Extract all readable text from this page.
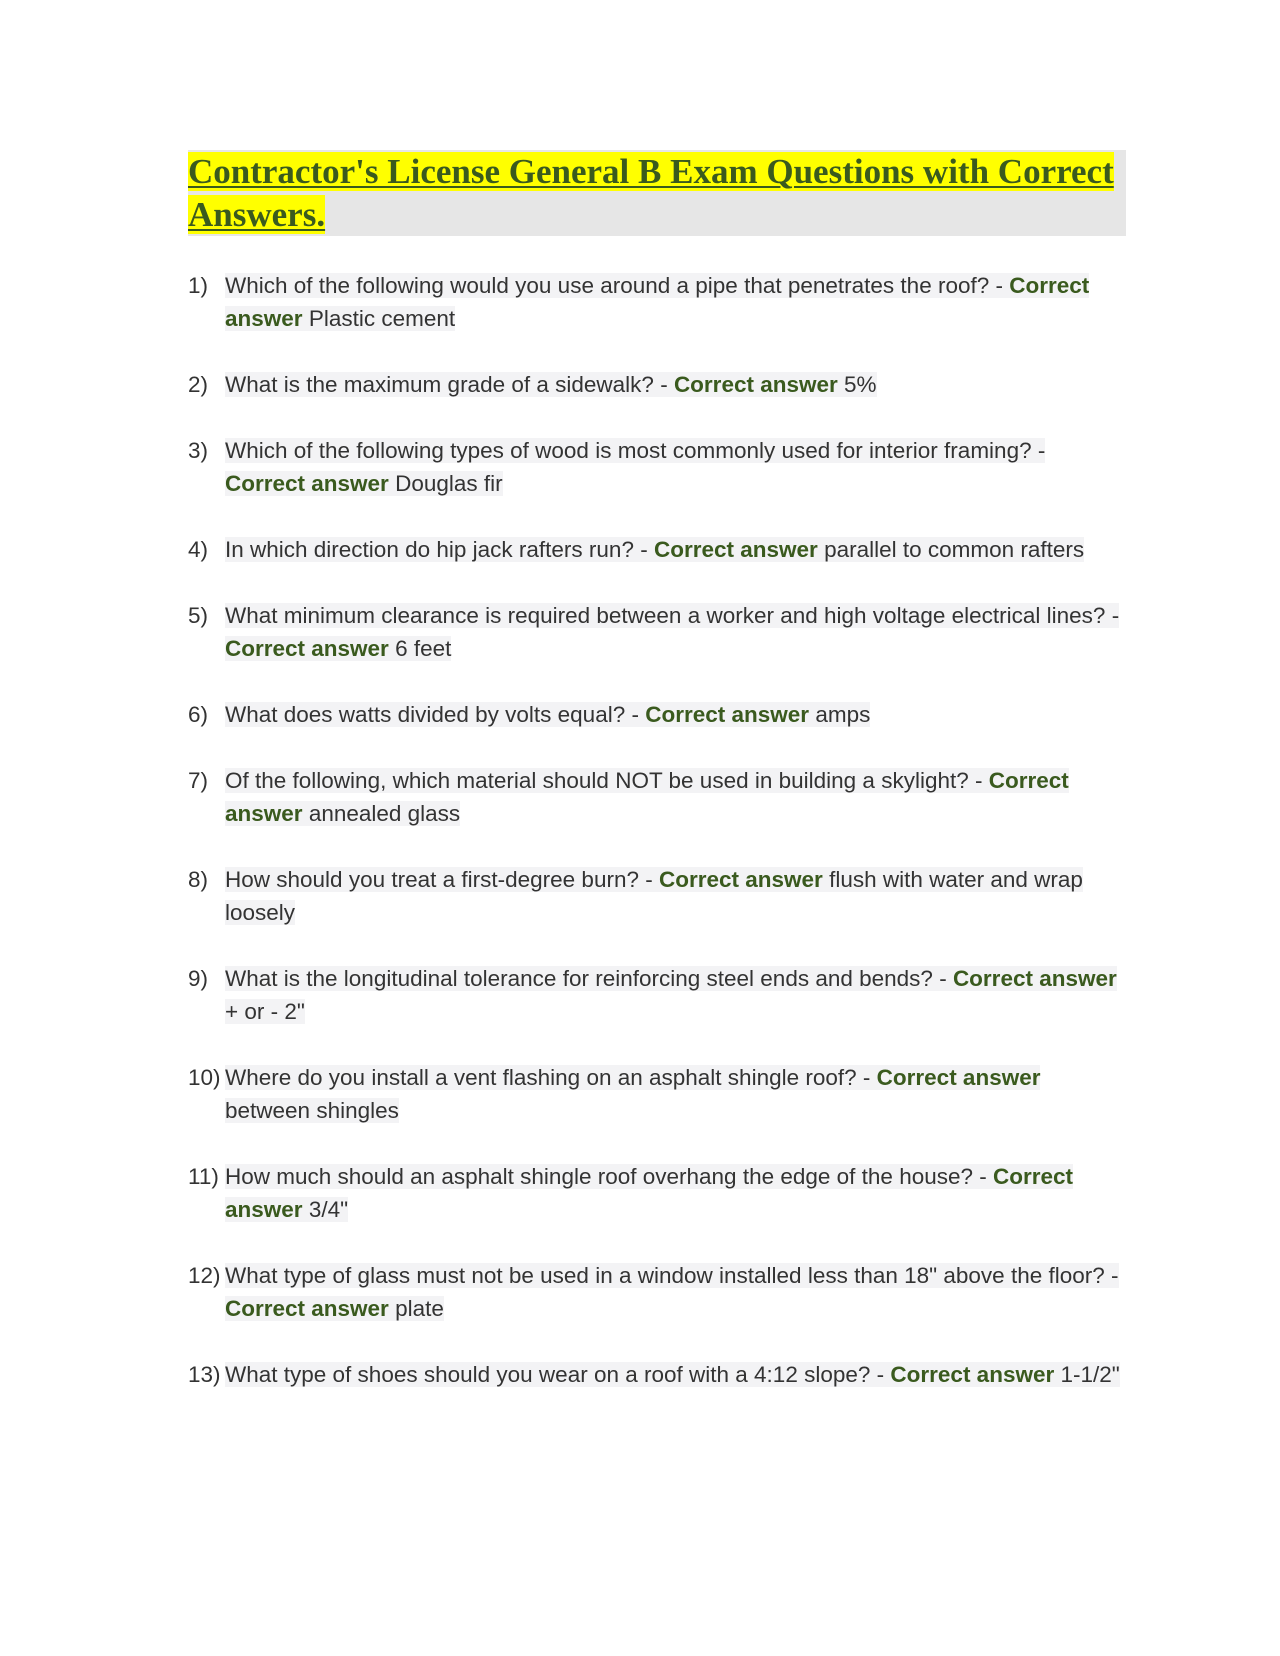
Contractor's License General B Exam Questions with Correct Answers.
1) Which of the following would you use around a pipe that penetrates the roof? - Correct answer Plastic cement
2) What is the maximum grade of a sidewalk? - Correct answer 5%
3) Which of the following types of wood is most commonly used for interior framing? - Correct answer Douglas fir
4) In which direction do hip jack rafters run? - Correct answer parallel to common rafters
5) What minimum clearance is required between a worker and high voltage electrical lines? - Correct answer 6 feet
6) What does watts divided by volts equal? - Correct answer amps
7) Of the following, which material should NOT be used in building a skylight? - Correct answer annealed glass
8) How should you treat a first-degree burn? - Correct answer flush with water and wrap loosely
9) What is the longitudinal tolerance for reinforcing steel ends and bends? - Correct answer + or - 2"
10) Where do you install a vent flashing on an asphalt shingle roof? - Correct answer between shingles
11) How much should an asphalt shingle roof overhang the edge of the house? - Correct answer 3/4"
12) What type of glass must not be used in a window installed less than 18" above the floor? - Correct answer plate
13) What type of shoes should you wear on a roof with a 4:12 slope? - Correct answer 1-1/2"
